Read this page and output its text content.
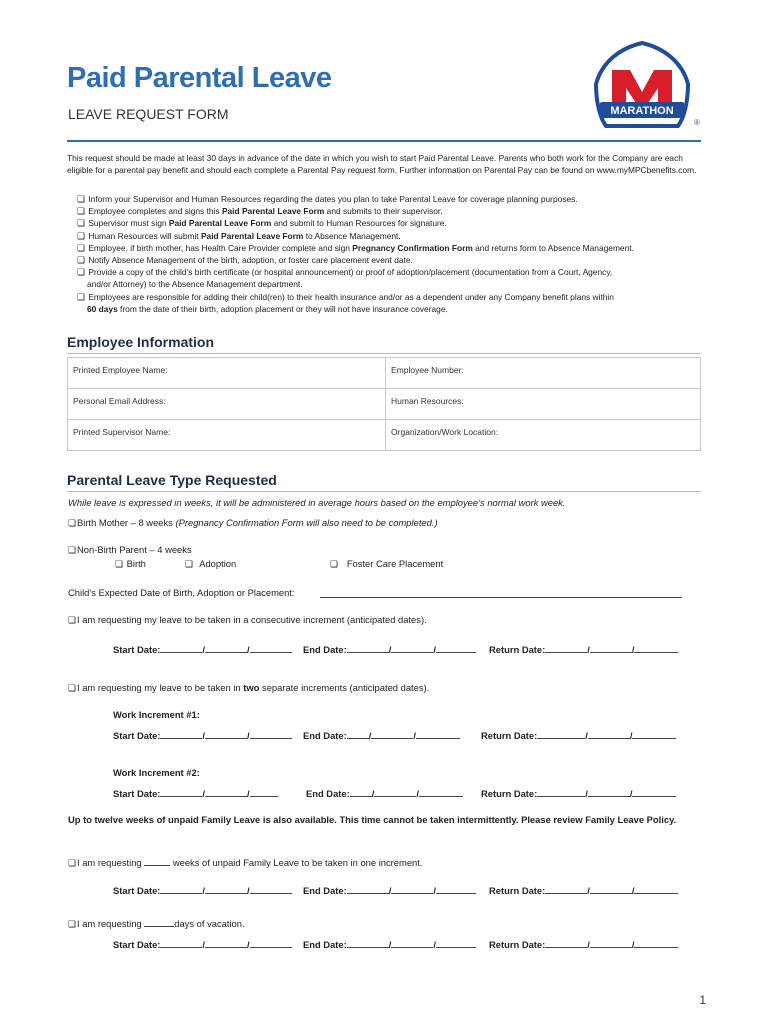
Paid Parental Leave
LEAVE REQUEST FORM	MARATHON
®
This request should be made at least 30 days in advance of the date in which you wish to start Paid Parental Leave. Parents who both work for the Company are each eligible for a parental pay benefit and should each complete a Parental Pay request form. Further information on Parental Pay can be found on www.myMPCbenefits.com.
❏ Inform your Supervisor and Human Resources regarding the dates you plan to take Parental Leave for coverage planning purposes.
❏ Employee completes and signs this Paid Parental Leave Form and submits to their supervisor.
❏ Supervisor must sign Paid Parental Leave Form and submit to Human Resources for signature.
❏ Human Resources will submit Paid Parental Leave Form to Absence Management.
❏ Employee, if birth mother, has Health Care Provider complete and sign Pregnancy Confirmation Form and returns form to Absence Management.
❏ Notify Absence Management of the birth, adoption, or foster care placement event date.
❏ Provide a copy of the child’s birth certificate (or hospital announcement) or proof of adoption/placement (documentation from a Court, Agency,
and/or Attorney) to the Absence Management department.
❏ Employees are responsible for adding their child(ren) to their health insurance and/or as a dependent under any Company benefit plans within
60 days from the date of their birth, adoption placement or they will not have insurance coverage.
Employee Information
Printed Employee Name:	Employee Number:
Personal Email Address:	Human Resources:
Printed Supervisor Name:	Organization/Work Location:
Parental Leave Type Requested
While leave is expressed in weeks, it will be administered in average hours based on the employee’s normal work week.
❏Birth Mother – 8 weeks (Pregnancy Confirmation Form will also need to be completed.)
❏Non-Birth Parent – 4 weeks
❏ Birth	❏ Adoption	❏ Foster Care Placement
Child’s Expected Date of Birth, Adoption or Placement:
❏I am requesting my leave to be taken in a consecutive increment (anticipated dates).
Start Date:	/	/	End Date:	/	/	Return Date:	/	/
❏I am requesting my leave to be taken in two separate increments (anticipated dates).
Work Increment #1:
Start Date:	/	/	End Date: /	/	Return Date:	/	/
Work Increment #2:
Start Date:	/	/	End Date: /	/	Return Date:	/	/
Up to twelve weeks of unpaid Family Leave is also available. This time cannot be taken intermittently. Please review Family Leave Policy.
❏I am requesting	weeks of unpaid Family Leave to be taken in one increment.
Start Date:	/	/	End Date:	/	/	Return Date:	/	/
❏I am requesting	days of vacation.
Start Date:	/	/	End Date:	/	/	Return Date:	/	/
1
